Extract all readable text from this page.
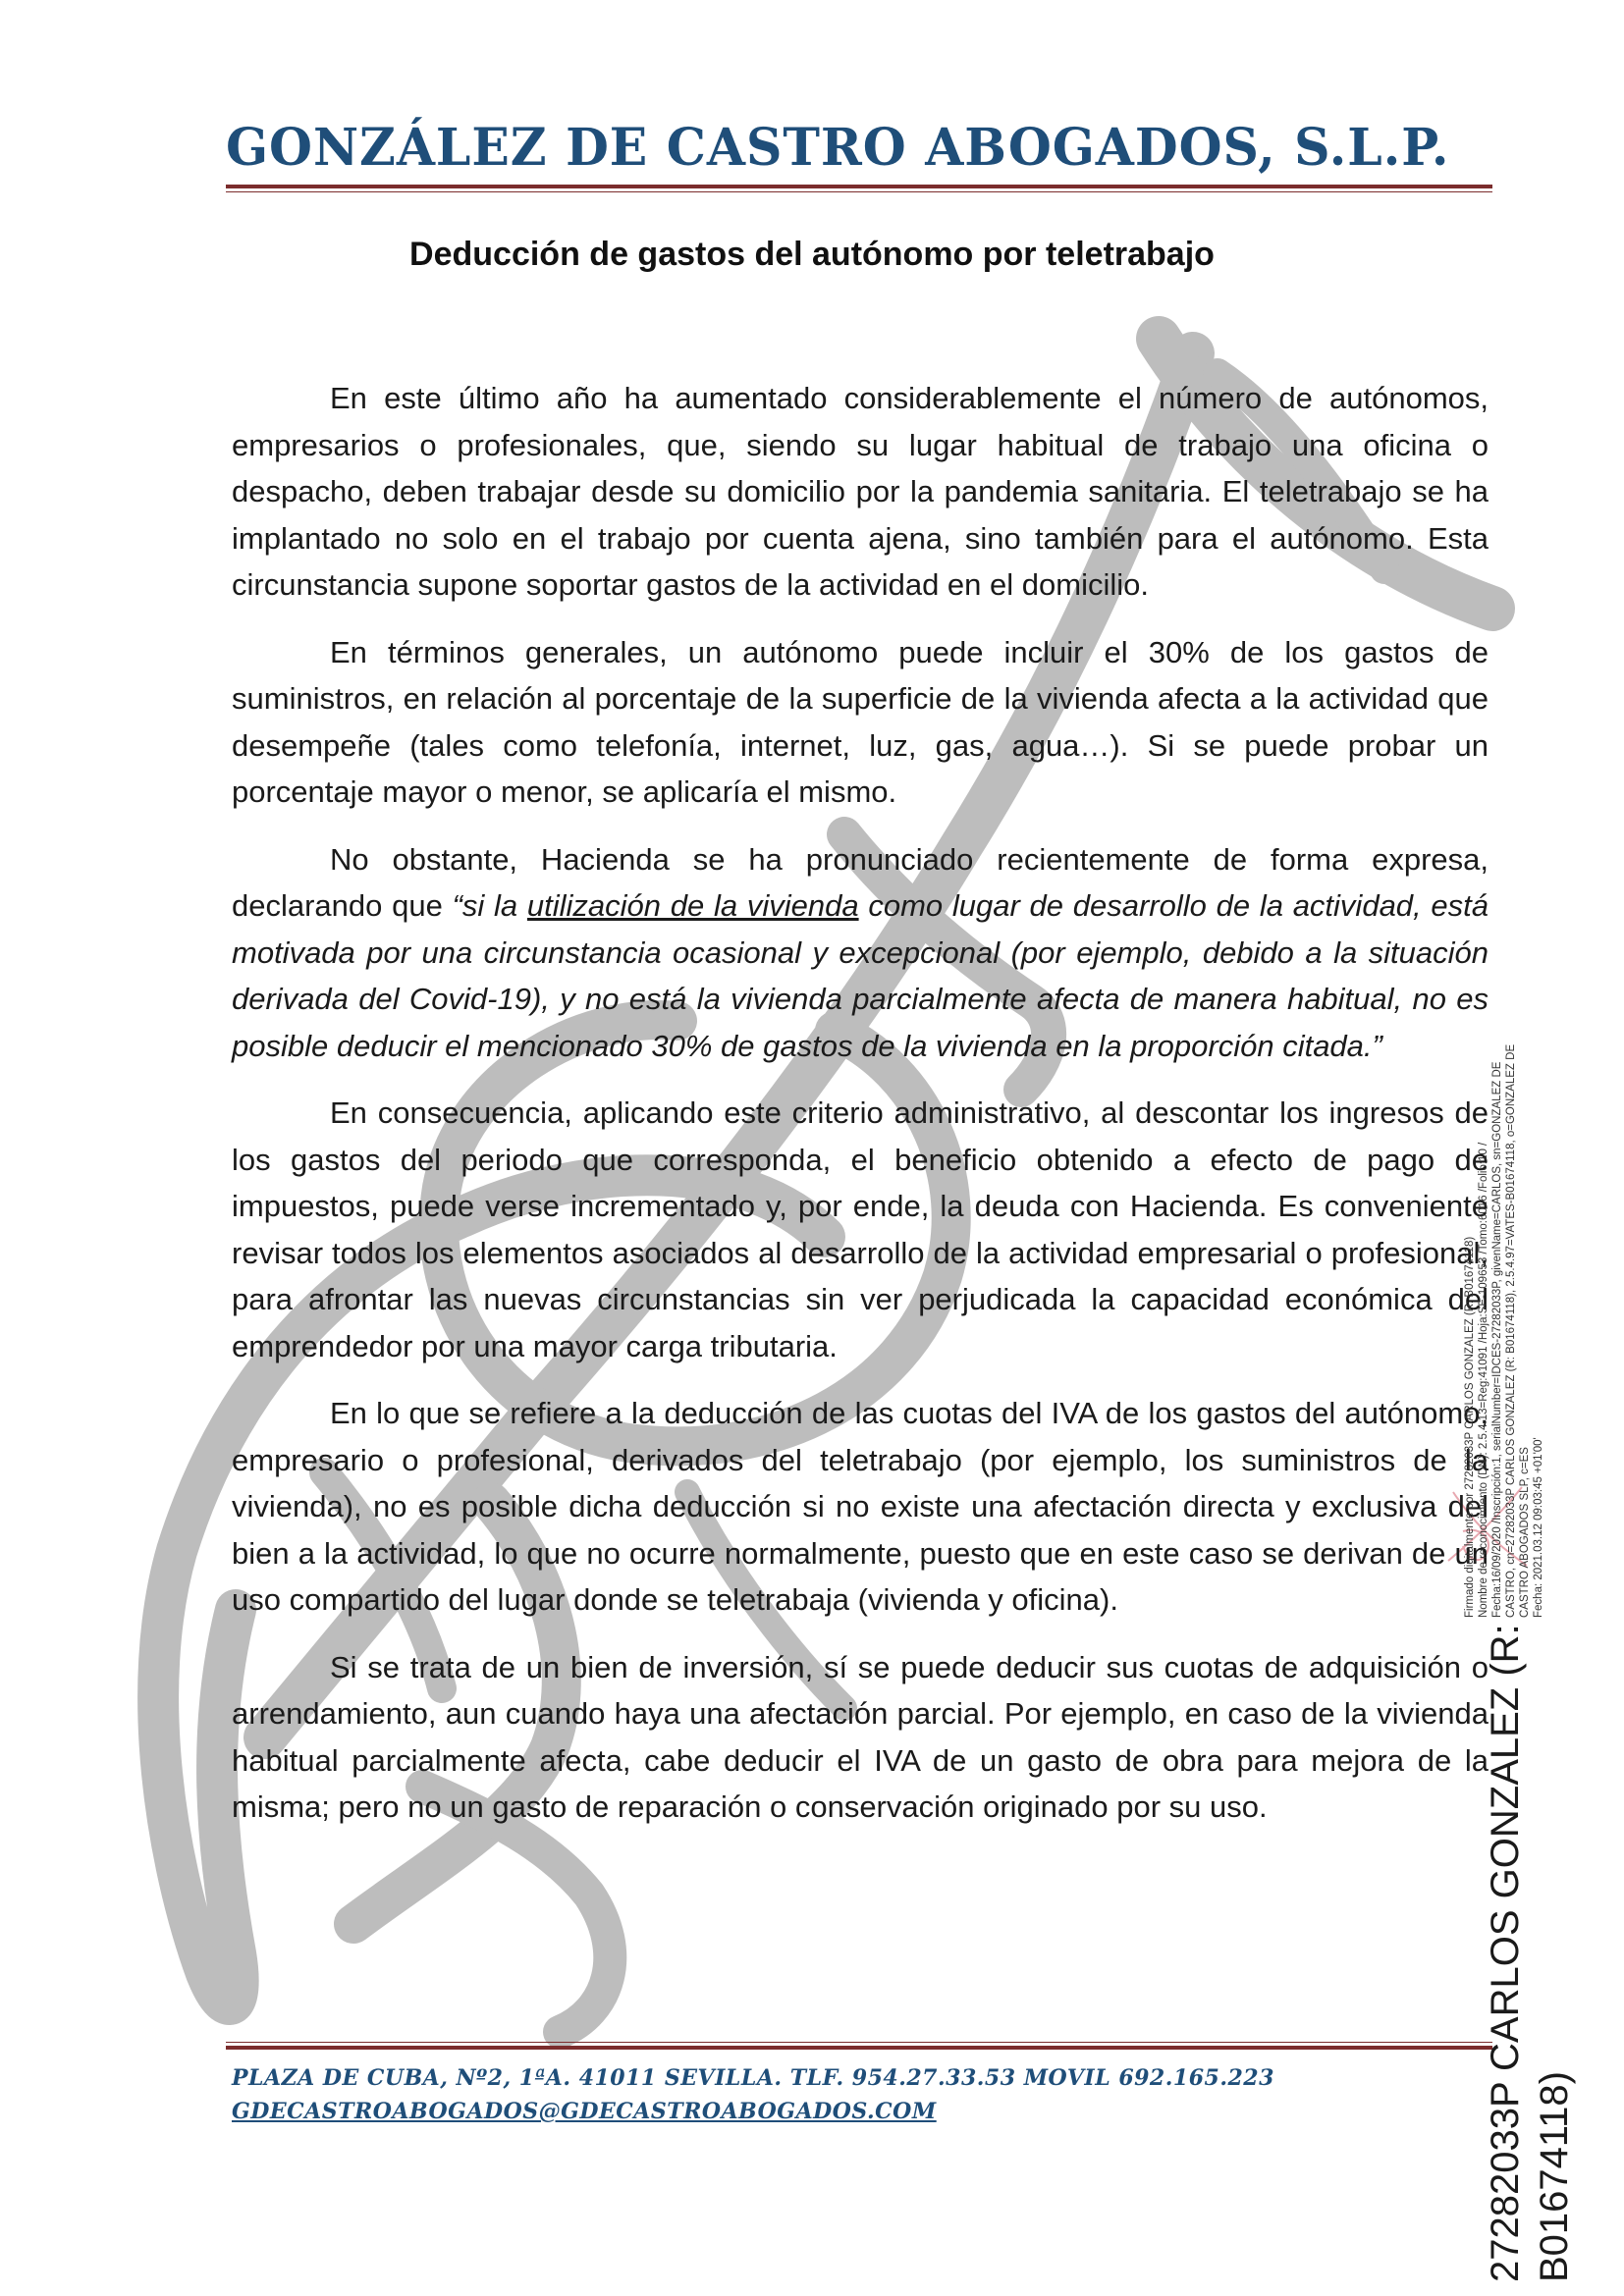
GONZÁLEZ DE CASTRO ABOGADOS, S.L.P.
Deducción de gastos del autónomo por teletrabajo

En este último año ha aumentado considerablemente el número de autónomos, empresarios o profesionales, que, siendo su lugar habitual de trabajo una oficina o despacho, deben trabajar desde su domicilio por la pandemia sanitaria. El teletrabajo se ha implantado no solo en el trabajo por cuenta ajena, sino también para el autónomo. Esta circunstancia supone soportar gastos de la actividad en el domicilio.

En términos generales, un autónomo puede incluir el 30% de los gastos de suministros, en relación al porcentaje de la superficie de la vivienda afecta a la actividad que desempeñe (tales como telefonía, internet, luz, gas, agua…). Si se puede probar un porcentaje mayor o menor, se aplicaría el mismo.

No obstante, Hacienda se ha pronunciado recientemente de forma expresa, declarando que “si la utilización de la vivienda como lugar de desarrollo de la actividad, está motivada por una circunstancia ocasional y excepcional (por ejemplo, debido a la situación derivada del Covid-19), y no está la vivienda parcialmente afecta de manera habitual, no es posible deducir el mencionado 30% de gastos de la vivienda en la proporción citada.”

En consecuencia, aplicando este criterio administrativo, al descontar los ingresos de los gastos del periodo que corresponda, el beneficio obtenido a efecto de pago de impuestos, puede verse incrementado y, por ende, la deuda con Hacienda. Es conveniente revisar todos los elementos asociados al desarrollo de la actividad empresarial o profesional, para afrontar las nuevas circunstancias sin ver perjudicada la capacidad económica del emprendedor por una mayor carga tributaria.

En lo que se refiere a la deducción de las cuotas del IVA de los gastos del autónomo, empresario o profesional, derivados del teletrabajo (por ejemplo, los suministros de la vivienda), no es posible dicha deducción si no existe una afectación directa y exclusiva del bien a la actividad, lo que no ocurre normalmente, puesto que en este caso se derivan de un uso compartido del lugar donde se teletrabaja (vivienda y oficina).

Si se trata de un bien de inversión, sí se puede deducir sus cuotas de adquisición o arrendamiento, aun cuando haya una afectación parcial. Por ejemplo, en caso de la vivienda habitual parcialmente afecta, cabe deducir el IVA de un gasto de obra para mejora de la misma; pero no un gasto de reparación o conservación originado por su uso.

PLAZA DE CUBA, Nº2, 1ªA. 41011 SEVILLA. TLF. 954.27.33.53 MOVIL 692.165.223
GDECASTROABOGADOS@GDECASTROABOGADOS.COM
Firmado digitalmente por 27282033P CARLOS GONZALEZ (R: B01674118) Nombre de reconocimiento (DN): 2.5.4.13=Reg:41091 /Hoja:SE-109653 /Tomo:6016 /Folio:10 / Fecha:16/09/2020 /Inscripción:1, serialNumber=IDCES-27282033P, givenName=CARLOS, sn=GONZALEZ DE CASTRO, cn=27282033P CARLOS GONZALEZ (R: B01674118), 2.5.4.97=VATES-B01674118, o=GONZALEZ DE CASTRO ABOGADOS SLP, c=ES Fecha: 2021.03.12 09:03:45 +01'00'
27282033P CARLOS GONZALEZ (R: B01674118)
